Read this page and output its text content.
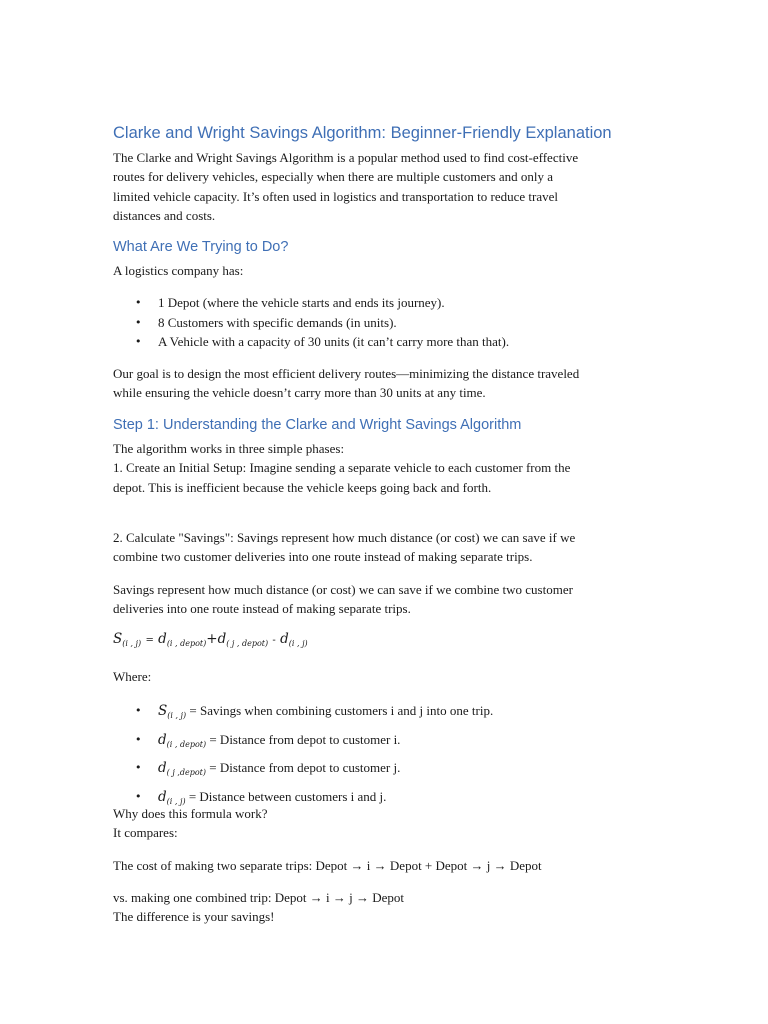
Clarke and Wright Savings Algorithm: Beginner-Friendly Explanation

The Clarke and Wright Savings Algorithm is a popular method used to find cost-effective
routes for delivery vehicles, especially when there are multiple customers and only a
limited vehicle capacity. It’s often used in logistics and transportation to reduce travel
distances and costs.

What Are We Trying to Do?

A logistics company has:

• 1 Depot (where the vehicle starts and ends its journey).
• 8 Customers with specific demands (in units).
• A Vehicle with a capacity of 30 units (it can’t carry more than that).

Our goal is to design the most efficient delivery routes—minimizing the distance traveled
while ensuring the vehicle doesn’t carry more than 30 units at any time.

Step 1: Understanding the Clarke and Wright Savings Algorithm

The algorithm works in three simple phases:
1. Create an Initial Setup: Imagine sending a separate vehicle to each customer from the
depot. This is inefficient because the vehicle keeps going back and forth.

2. Calculate "Savings": Savings represent how much distance (or cost) we can save if we
combine two customer deliveries into one route instead of making separate trips.

Savings represent how much distance (or cost) we can save if we combine two customer
deliveries into one route instead of making separate trips.

$S_{(i , j)} = d_{(i , depot)}+d_{( j , depot)} - d_{(i , j)}$

Where:

• $S_{(i , j)}$ = Savings when combining customers i and j into one trip.
• $d_{(i , depot)}$ = Distance from depot to customer i.
• $d_{( j ,depot)}$ = Distance from depot to customer j.
• $d_{(i , j)}$ = Distance between customers i and j.

Why does this formula work?
It compares:

The cost of making two separate trips: Depot → i → Depot + Depot → j → Depot

vs. making one combined trip: Depot → i → j → Depot
The difference is your savings!
